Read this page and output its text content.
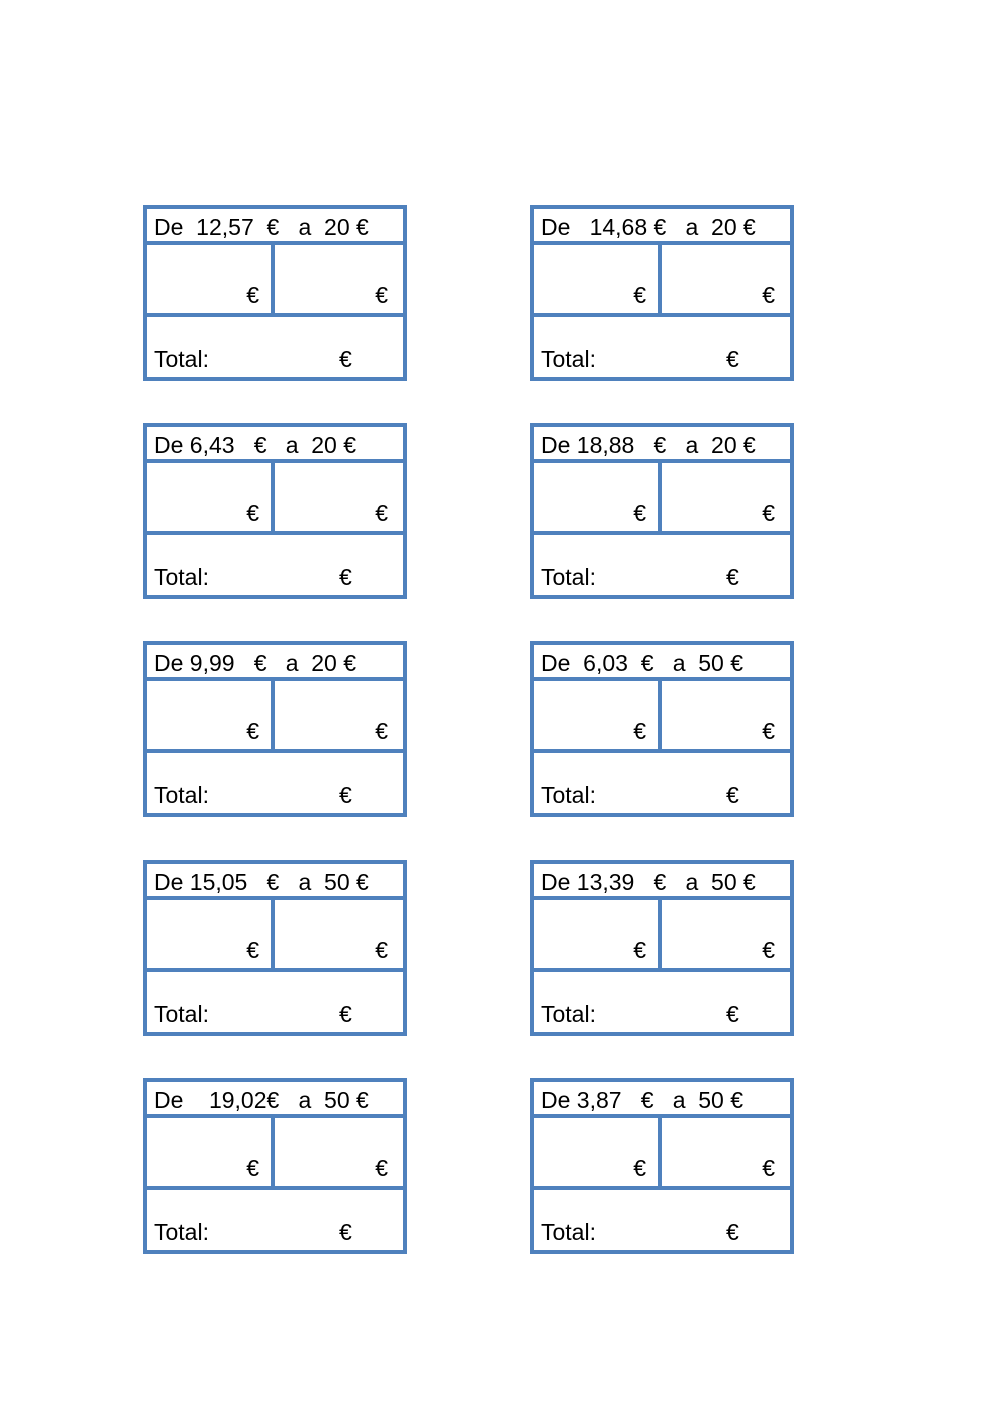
De  12,57  €   a  20 €
€	€
Total:	€
De   14,68 €   a  20 €
€	€
Total:	€
De 6,43   €   a  20 €
€	€
Total:	€
De 18,88   €   a  20 €
€	€
Total:	€
De 9,99   €   a  20 €
€	€
Total:	€
De  6,03  €   a  50 €
€	€
Total:	€
De 15,05   €   a  50 €
€	€
Total:	€
De 13,39   €   a  50 €
€	€
Total:	€
De    19,02€   a  50 €
€	€
Total:	€
De 3,87   €   a  50 €
€	€
Total:	€
